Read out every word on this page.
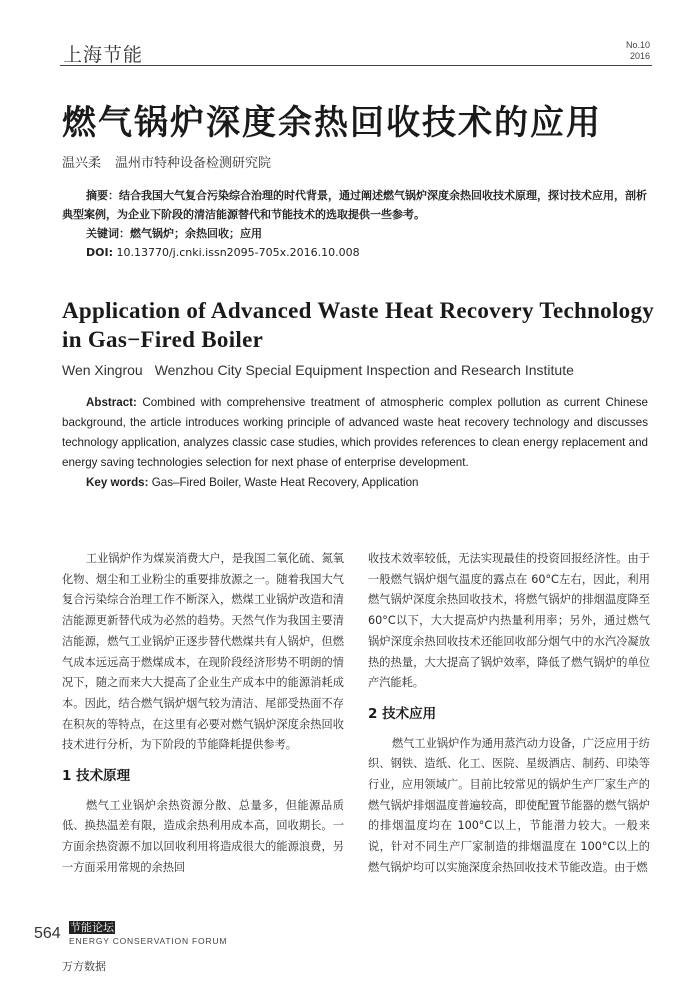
上海节能	No.10
2016
燃气锅炉深度余热回收技术的应用
温兴柔 温州市特种设备检测研究院

摘要：结合我国大气复合污染综合治理的时代背景，通过阐述燃气锅炉深度余热回收技术原理，探讨技术应用，剖析典型案例，为企业下阶段的清洁能源替代和节能技术的选取提供一些参考。

关键词：燃气锅炉；余热回收；应用

DOI: 10.13770/j.cnki.issn2095-705x.2016.10.008

Application of Advanced Waste Heat Recovery Technology in Gas−Fired Boiler
Wen Xingrou Wenzhou City Special Equipment Inspection and Research Institute

Abstract: Combined with comprehensive treatment of atmospheric complex pollution as current Chinese background, the article introduces working principle of advanced waste heat recovery technology and discusses technology application, analyzes classic case studies, which provides references to clean energy replacement and energy saving technologies selection for next phase of enterprise development.

Key words: Gas–Fired Boiler, Waste Heat Recovery, Application

工业锅炉作为煤炭消费大户，是我国二氧化硫、氮氧化物、烟尘和工业粉尘的重要排放源之一。随着我国大气复合污染综合治理工作不断深入，燃煤工业锅炉改造和清洁能源更新替代成为必然的趋势。天然气作为我国主要清洁能源，燃气工业锅炉正逐步替代燃煤共有人锅炉，但燃气成本远远高于燃煤成本，在现阶段经济形势不明朗的情况下，随之而来大大提高了企业生产成本中的能源消耗成本。因此，结合燃气锅炉烟气较为清洁、尾部受热面不存在积灰的等特点，在这里有必要对燃气锅炉深度余热回收技术进行分析，为下阶段的节能降耗提供参考。

1 技术原理

燃气工业锅炉余热资源分散、总量多，但能源品质低、换热温差有限，造成余热利用成本高，回收期长。一方面余热资源不加以回收利用将造成很大的能源浪费，另一方面采用常规的余热回

收技术效率较低，无法实现最佳的投资回报经济性。由于一般燃气锅炉烟气温度的露点在 60°C左右，因此，利用燃气锅炉深度余热回收技术，将燃气锅炉的排烟温度降至 60°C以下，大大提高炉内热量利用率；另外，通过燃气锅炉深度余热回收技术还能回收部分烟气中的水汽冷凝放热的热量，大大提高了锅炉效率，降低了燃气锅炉的单位产汽能耗。

2 技术应用

燃气工业锅炉作为通用蒸汽动力设备，广泛应用于纺织、钢铁、造纸、化工、医院、星级酒店、制药、印染等行业，应用领域广。目前比较常见的锅炉生产厂家生产的燃气锅炉排烟温度普遍较高，即使配置节能器的燃气锅炉的排烟温度均在 100°C以上，节能潜力较大。一般来说，针对不同生产厂家制造的排烟温度在 100°C以上的燃气锅炉均可以实施深度余热回收技术节能改造。由于燃

564 节能论坛
ENERGY CONSERVATION FORUM
万方数据
